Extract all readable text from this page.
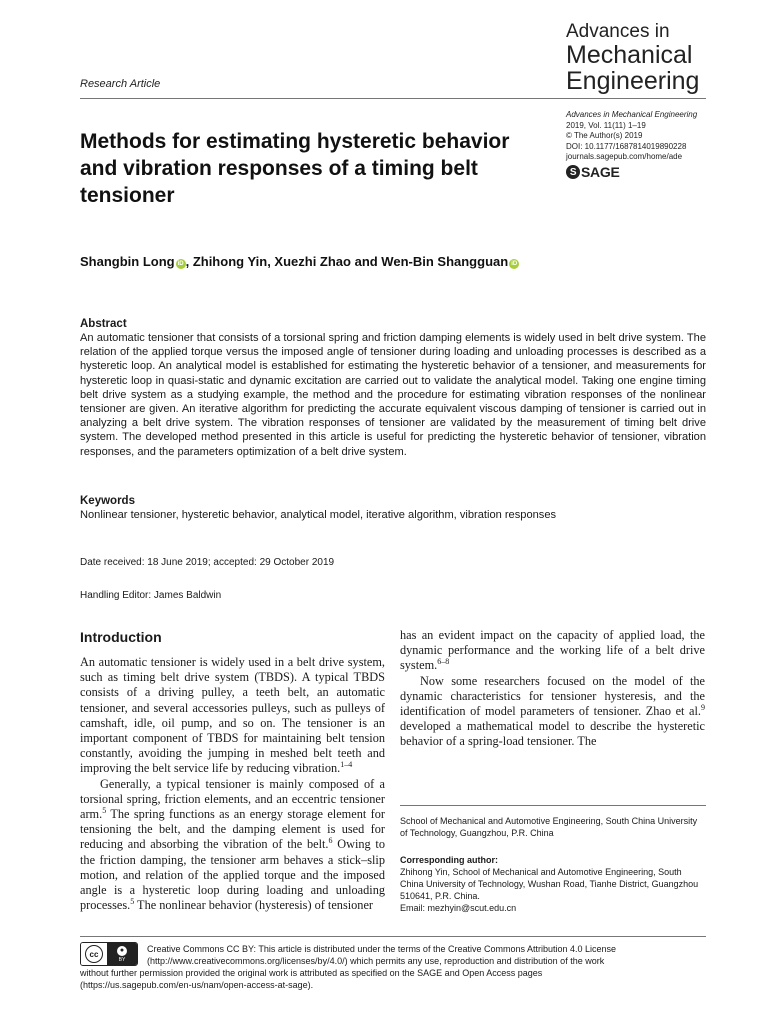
Advances in
Mechanical
Engineering
Research Article
Advances in Mechanical Engineering
2019, Vol. 11(11) 1–19
© The Author(s) 2019
DOI: 10.1177/1687814019890228
journals.sagepub.com/home/ade
S SAGE
Methods for estimating hysteretic behavior and vibration responses of a timing belt tensioner
Shangbin Long iD , Zhihong Yin, Xuezhi Zhao and Wen-Bin Shangguan iD
Abstract
An automatic tensioner that consists of a torsional spring and friction damping elements is widely used in belt drive system. The relation of the applied torque versus the imposed angle of tensioner during loading and unloading processes is described as a hysteretic loop. An analytical model is established for estimating the hysteretic behavior of a tensioner, and measurements for hysteretic loop in quasi-static and dynamic excitation are carried out to validate the analytical model. Taking one engine timing belt drive system as a studying example, the method and the procedure for estimating vibration responses of the nonlinear tensioner are given. An iterative algorithm for predicting the accurate equivalent viscous damping of tensioner is carried out in analyzing a belt drive system. The vibration responses of tensioner are validated by the measurement of timing belt drive system. The developed method presented in this article is useful for predicting the hysteretic behavior of tensioner, vibration responses, and the parameters optimization of a belt drive system.
Keywords
Nonlinear tensioner, hysteretic behavior, analytical model, iterative algorithm, vibration responses
Date received: 18 June 2019; accepted: 29 October 2019
Handling Editor: James Baldwin
Introduction

An automatic tensioner is widely used in a belt drive system, such as timing belt drive system (TBDS). A typical TBDS consists of a driving pulley, a teeth belt, an automatic tensioner, and several accessories pulleys, such as pulleys of camshaft, idle, oil pump, and so on. The tensioner is an important component of TBDS for maintaining belt tension constantly, avoiding the jumping in meshed belt teeth and improving the belt service life by reducing vibration.$^{1-4}$

Generally, a typical tensioner is mainly composed of a torsional spring, friction elements, and an eccentric tensioner arm.$^5$ The spring functions as an energy storage element for tensioning the belt, and the damping element is used for reducing and absorbing the vibration of the belt.$^6$ Owing to the friction damping, the tensioner arm behaves a stick–slip motion, and relation of the applied torque and the imposed angle is a hysteretic loop during loading and unloading processes.$^5$ The nonlinear behavior (hysteresis) of tensioner

has an evident impact on the capacity of applied load, the dynamic performance and the working life of a belt drive system.$^{6-8}$

Now some researchers focused on the model of the dynamic characteristics for tensioner hysteresis, and the identification of model parameters of tensioner. Zhao et al.$^9$ developed a mathematical model to describe the hysteretic behavior of a spring-load tensioner. The

School of Mechanical and Automotive Engineering, South China University of Technology, Guangzhou, P.R. China
Corresponding author:
Zhihong Yin, School of Mechanical and Automotive Engineering, South China University of Technology, Wushan Road, Tianhe District, Guangzhou 510641, P.R. China.
Email: mezhyin@scut.edu.cn
cc	●
BY
Creative Commons CC BY: This article is distributed under the terms of the Creative Commons Attribution 4.0 License
(http://www.creativecommons.org/licenses/by/4.0/) which permits any use, reproduction and distribution of the work
without further permission provided the original work is attributed as specified on the SAGE and Open Access pages
(https://us.sagepub.com/en-us/nam/open-access-at-sage).
